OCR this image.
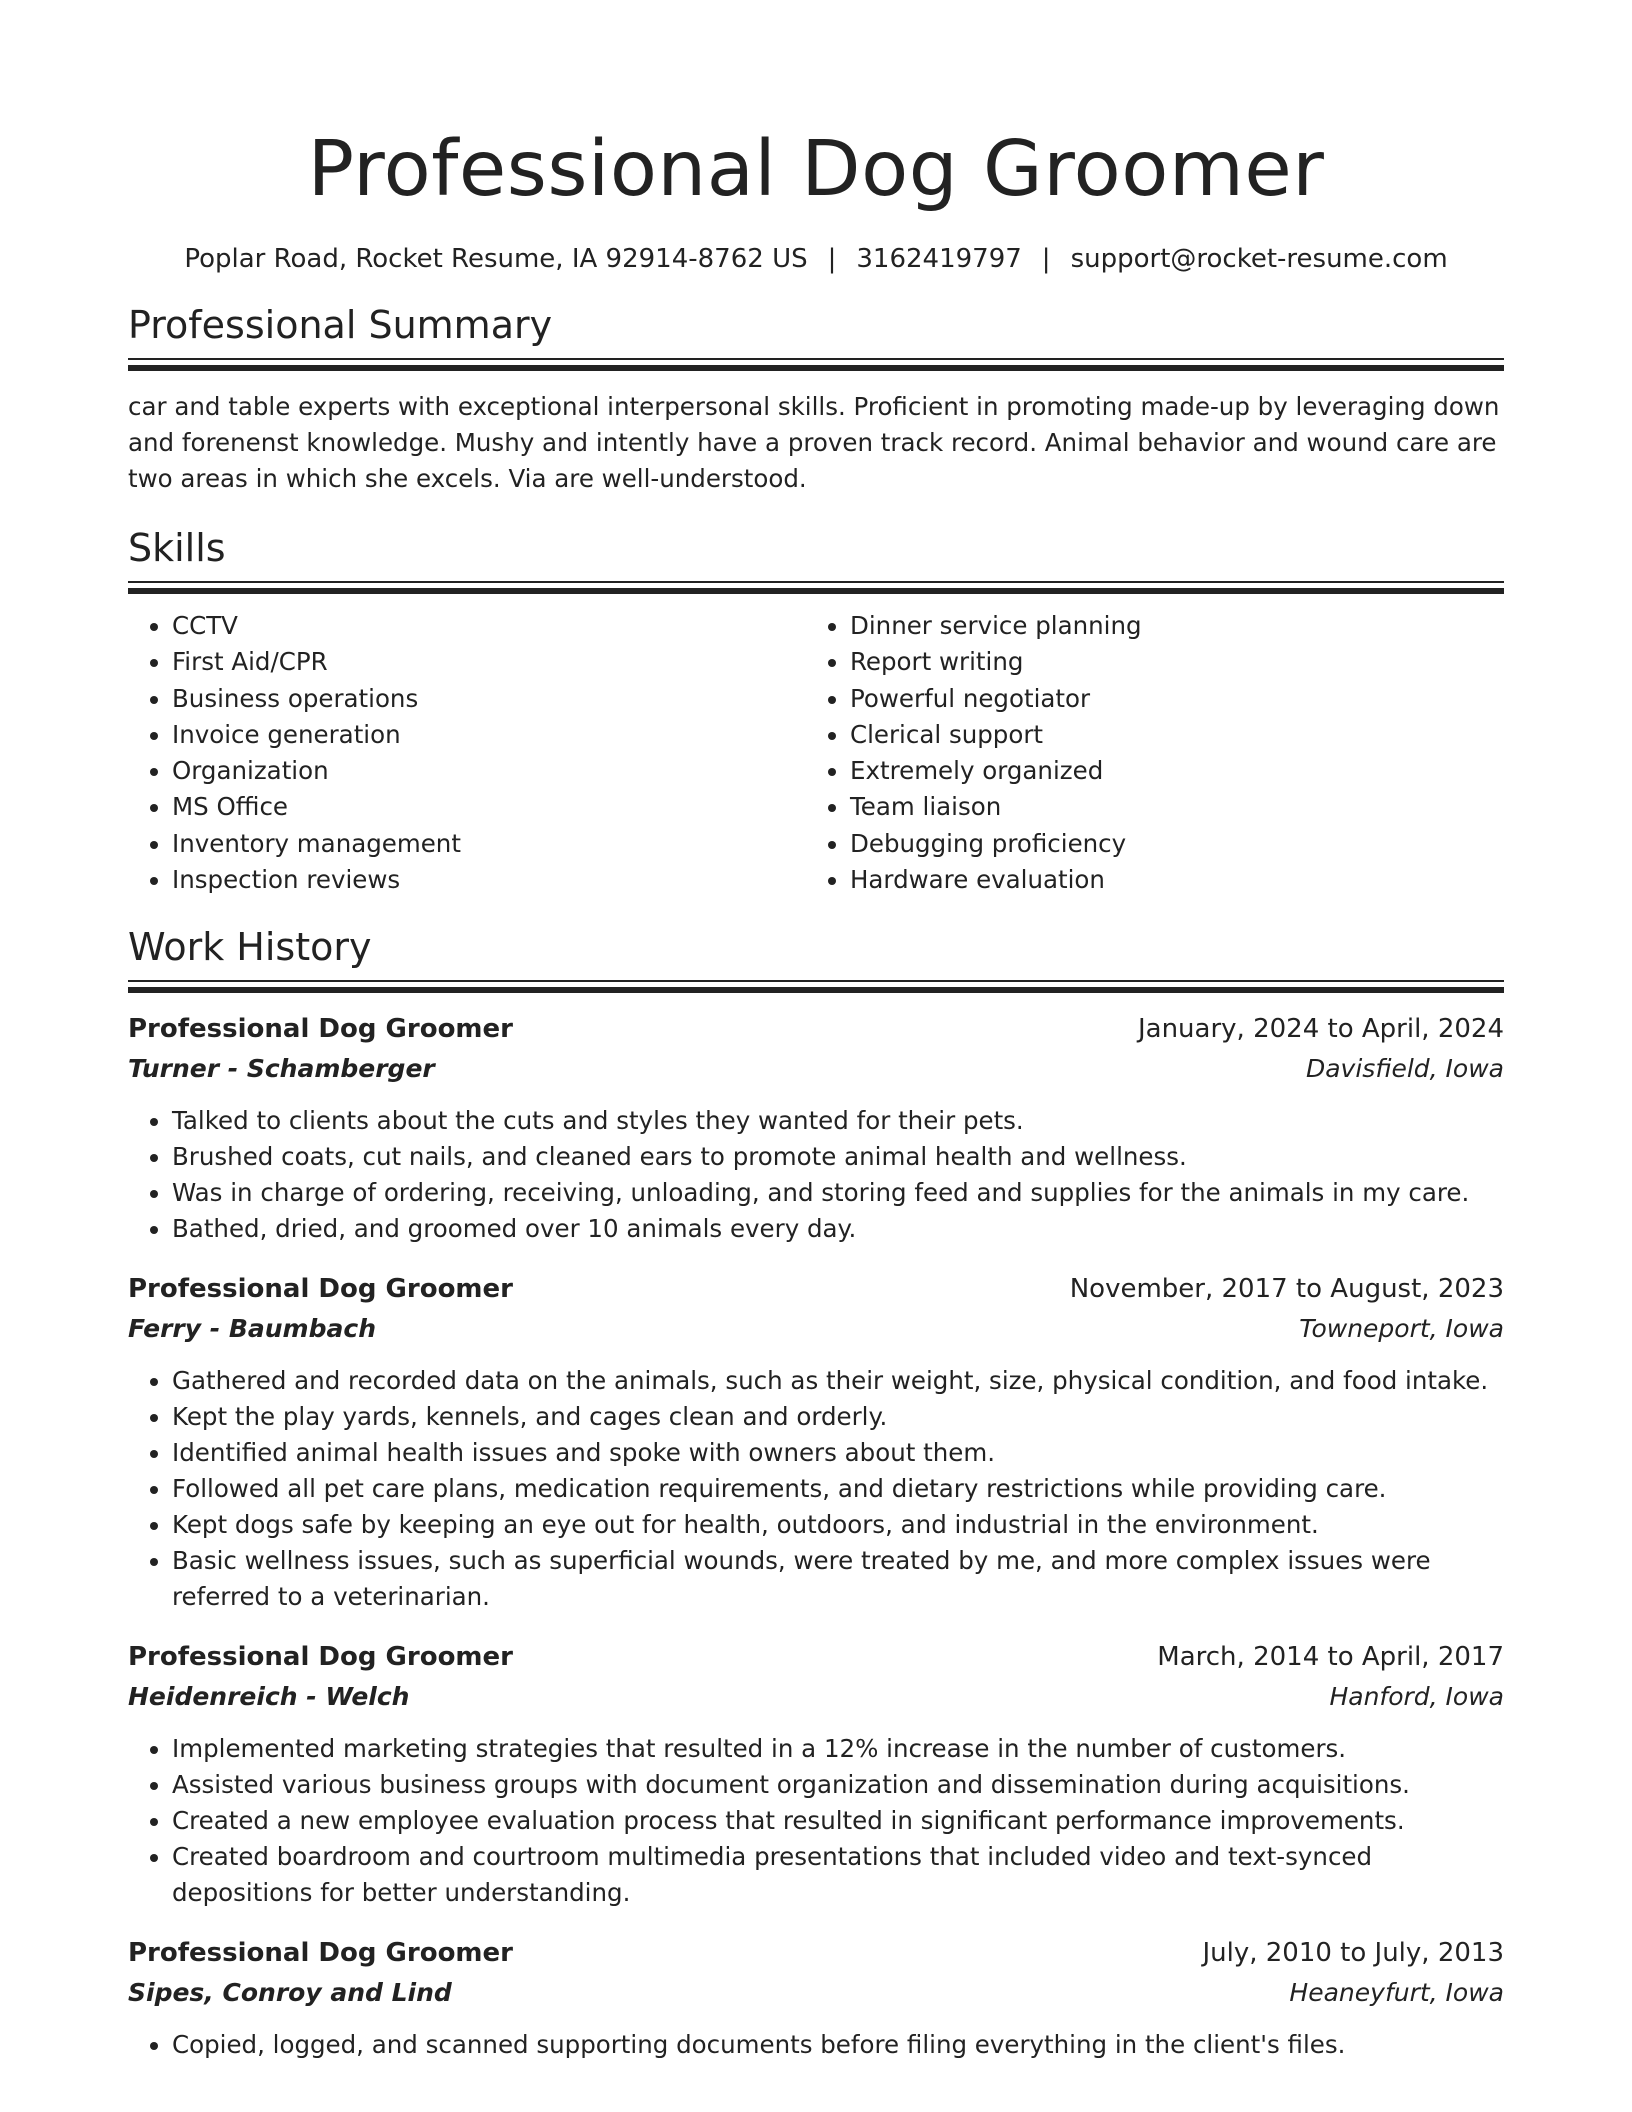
Professional Dog Groomer
Poplar Road, Rocket Resume, IA 92914-8762 US | 3162419797 | support@rocket-resume.com
Professional Summary

car and table experts with exceptional interpersonal skills. Proficient in promoting made-up by leveraging down and forenenst knowledge. Mushy and intently have a proven track record. Animal behavior and wound care are two areas in which she excels. Via are well-understood.

Skills
• CCTV
• First Aid/CPR
• Business operations
• Invoice generation
• Organization
• MS Office
• Inventory management
• Inspection reviews
• Dinner service planning
• Report writing
• Powerful negotiator
• Clerical support
• Extremely organized
• Team liaison
• Debugging proficiency
• Hardware evaluation
Work History
Professional Dog Groomer	January, 2024 to April, 2024
Turner - Schamberger	Davisfield, Iowa
• Talked to clients about the cuts and styles they wanted for their pets.
• Brushed coats, cut nails, and cleaned ears to promote animal health and wellness.
• Was in charge of ordering, receiving, unloading, and storing feed and supplies for the animals in my care.
• Bathed, dried, and groomed over 10 animals every day.
Professional Dog Groomer	November, 2017 to August, 2023
Ferry - Baumbach	Towneport, Iowa
• Gathered and recorded data on the animals, such as their weight, size, physical condition, and food intake.
• Kept the play yards, kennels, and cages clean and orderly.
• Identified animal health issues and spoke with owners about them.
• Followed all pet care plans, medication requirements, and dietary restrictions while providing care.
• Kept dogs safe by keeping an eye out for health, outdoors, and industrial in the environment.
• Basic wellness issues, such as superficial wounds, were treated by me, and more complex issues were referred to a veterinarian.
Professional Dog Groomer	March, 2014 to April, 2017
Heidenreich - Welch	Hanford, Iowa
• Implemented marketing strategies that resulted in a 12% increase in the number of customers.
• Assisted various business groups with document organization and dissemination during acquisitions.
• Created a new employee evaluation process that resulted in significant performance improvements.
• Created boardroom and courtroom multimedia presentations that included video and text-synced depositions for better understanding.
Professional Dog Groomer	July, 2010 to July, 2013
Sipes, Conroy and Lind	Heaneyfurt, Iowa
• Copied, logged, and scanned supporting documents before filing everything in the client's files.
